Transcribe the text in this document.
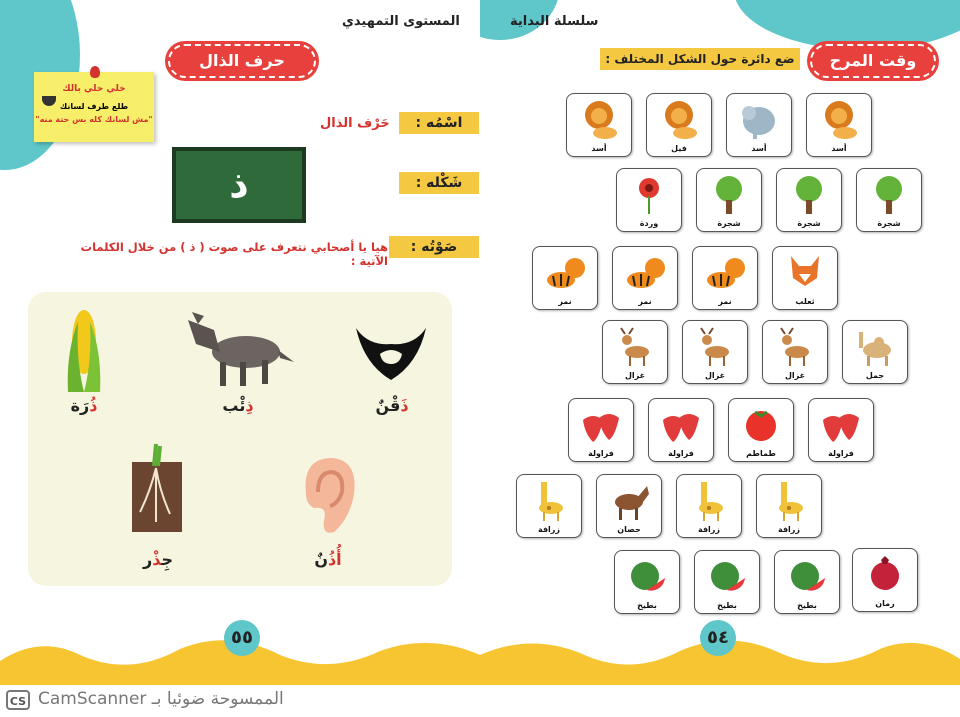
حرف الذال
خلي خلي بالك
طلع طرف لسانك
"مش لسانك كله بس حتة منه"	اسْمُه :
حَرْف الذال
شَكْله :
ذ
صَوْتُه :
هيا يا أصحابي نتعرف على صوت ( ذ ) من خلال الكلمات الآتية :
ذَقْنٌ
ذِئْب
ذُرَة
أُذُنٌ
جِذْر
٥٥
وقت المرح
ضع دائرة حول الشكل المختلف :
أسد	فيل	أسد	أسد
وردة	شجرة	شجرة	شجرة
نمر	نمر	نمر	ثعلب
غزال	غزال	غزال	جمل
فراولة	فراولة	طماطم	فراولة
زرافة	حصان	زرافة	زرافة
بطيخ	بطيخ	بطيخ	رمان
٥٤
المستوى التمهيدي	سلسلة البداية
CS الممسوحة ضوئيا بـ CamScanner
